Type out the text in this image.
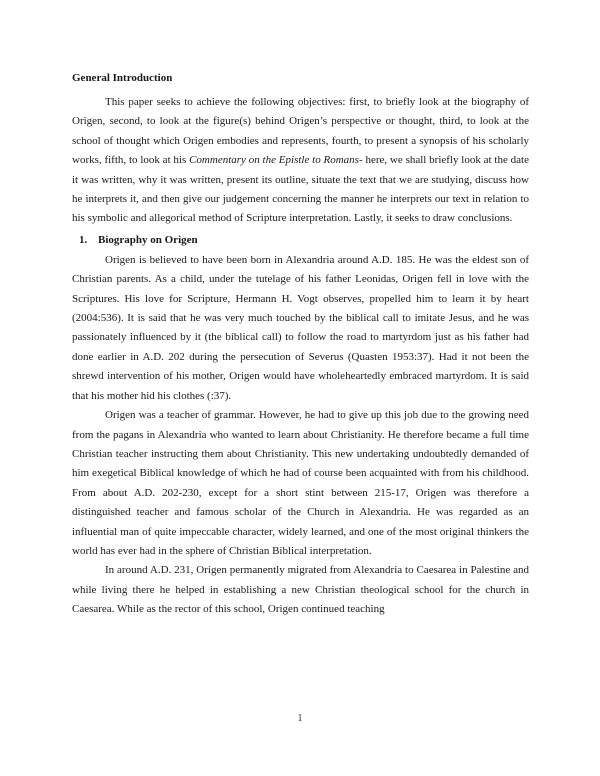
General Introduction

This paper seeks to achieve the following objectives: first, to briefly look at the biography of Origen, second, to look at the figure(s) behind Origen’s perspective or thought, third, to look at the school of thought which Origen embodies and represents, fourth, to present a synopsis of his scholarly works, fifth, to look at his Commentary on the Epistle to Romans- here, we shall briefly look at the date it was written, why it was written, present its outline, situate the text that we are studying, discuss how he interprets it, and then give our judgement concerning the manner he interprets our text in relation to his symbolic and allegorical method of Scripture interpretation. Lastly, it seeks to draw conclusions.

1. Biography on Origen

Origen is believed to have been born in Alexandria around A.D. 185. He was the eldest son of Christian parents. As a child, under the tutelage of his father Leonidas, Origen fell in love with the Scriptures. His love for Scripture, Hermann H. Vogt observes, propelled him to learn it by heart (2004:536). It is said that he was very much touched by the biblical call to imitate Jesus, and he was passionately influenced by it (the biblical call) to follow the road to martyrdom just as his father had done earlier in A.D. 202 during the persecution of Severus (Quasten 1953:37). Had it not been the shrewd intervention of his mother, Origen would have wholeheartedly embraced martyrdom. It is said that his mother hid his clothes (:37).

Origen was a teacher of grammar. However, he had to give up this job due to the growing need from the pagans in Alexandria who wanted to learn about Christianity. He therefore became a full time Christian teacher instructing them about Christianity. This new undertaking undoubtedly demanded of him exegetical Biblical knowledge of which he had of course been acquainted with from his childhood. From about A.D. 202-230, except for a short stint between 215-17, Origen was therefore a distinguished teacher and famous scholar of the Church in Alexandria. He was regarded as an influential man of quite impeccable character, widely learned, and one of the most original thinkers the world has ever had in the sphere of Christian Biblical interpretation.

In around A.D. 231, Origen permanently migrated from Alexandria to Caesarea in Palestine and while living there he helped in establishing a new Christian theological school for the church in Caesarea. While as the rector of this school, Origen continued teaching

1
